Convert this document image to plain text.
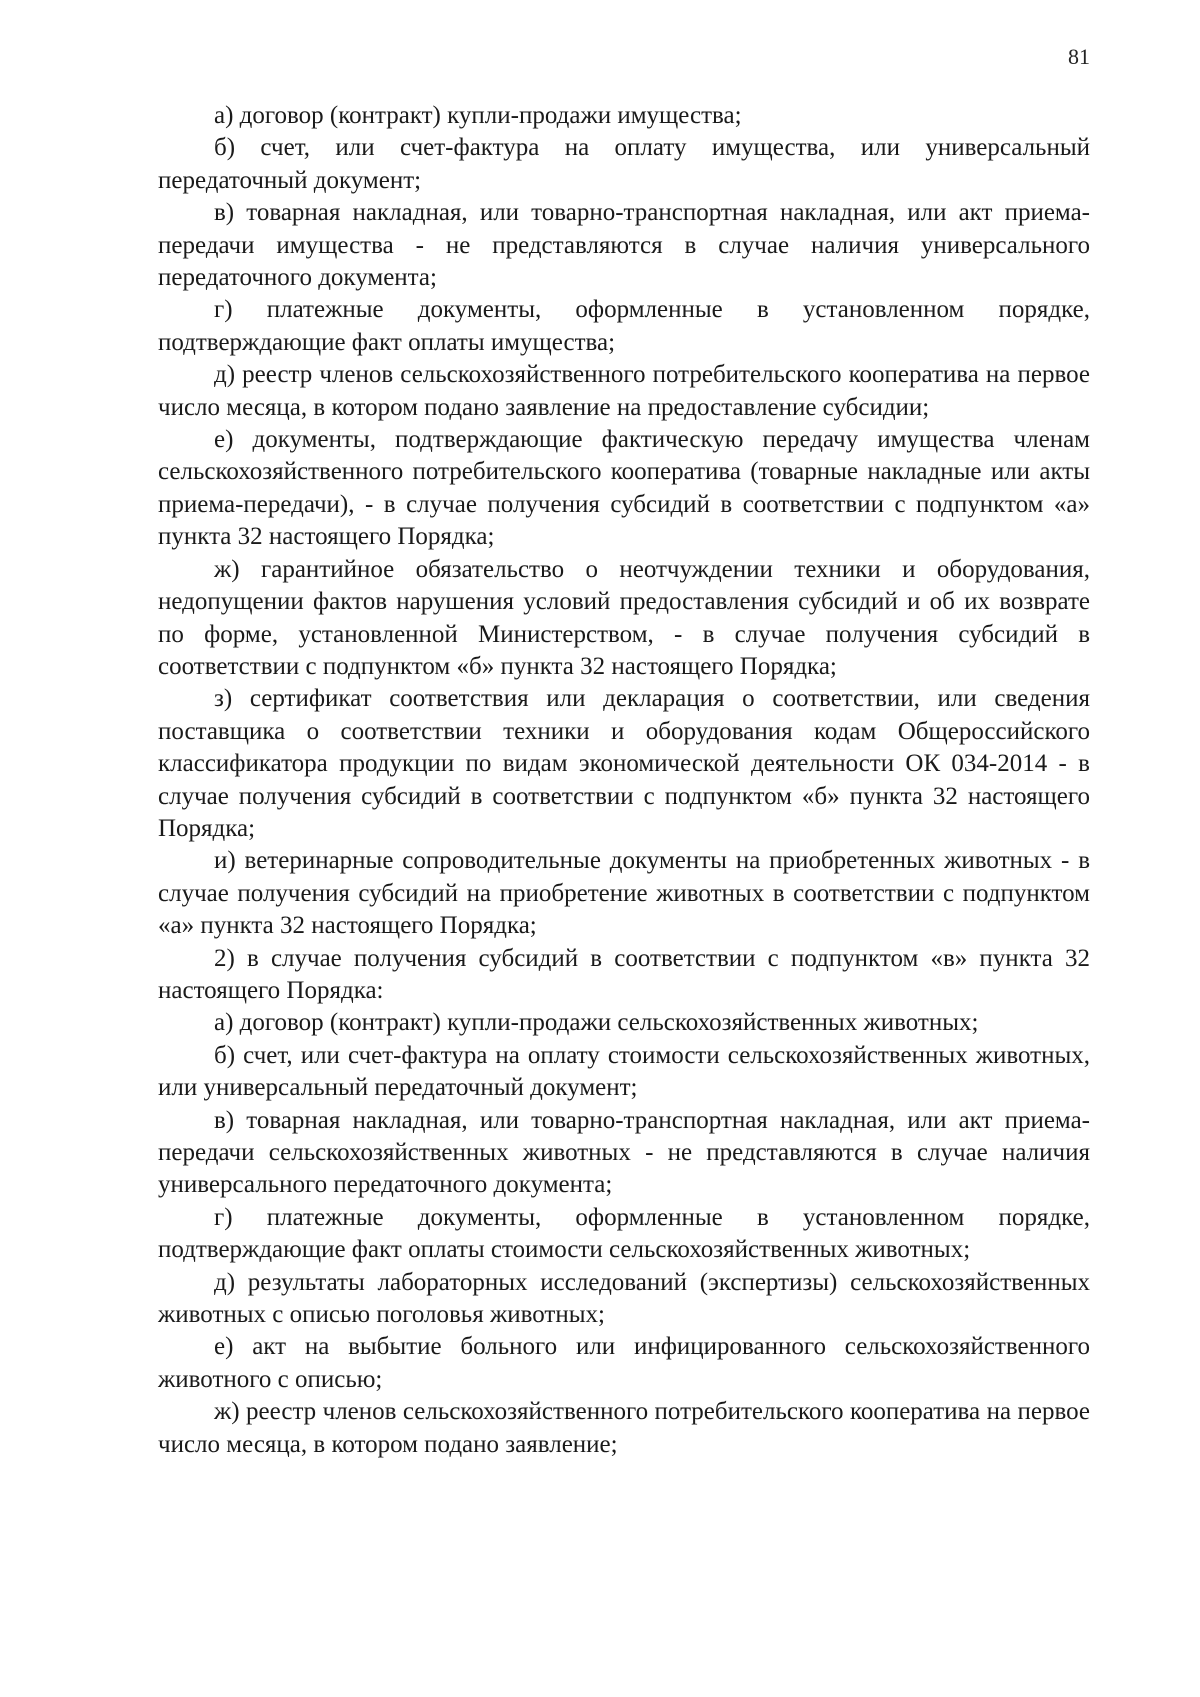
81

а) договор (контракт) купли-продажи имущества;

б) счет, или счет-фактура на оплату имущества, или универсальный передаточный документ;

в) товарная накладная, или товарно-транспортная накладная, или акт приема-передачи имущества - не представляются в случае наличия универсального передаточного документа;

г) платежные документы, оформленные в установленном порядке, подтверждающие факт оплаты имущества;

д) реестр членов сельскохозяйственного потребительского кооператива на первое число месяца, в котором подано заявление на предоставление субсидии;

е) документы, подтверждающие фактическую передачу имущества членам сельскохозяйственного потребительского кооператива (товарные накладные или акты приема-передачи), - в случае получения субсидий в соответствии с подпунктом «а» пункта 32 настоящего Порядка;

ж) гарантийное обязательство о неотчуждении техники и оборудования, недопущении фактов нарушения условий предоставления субсидий и об их возврате по форме, установленной Министерством, - в случае получения субсидий в соответствии с подпунктом «б» пункта 32 настоящего Порядка;

з) сертификат соответствия или декларация о соответствии, или сведения поставщика о соответствии техники и оборудования кодам Общероссийского классификатора продукции по видам экономической деятельности ОК 034-2014 - в случае получения субсидий в соответствии с подпунктом «б» пункта 32 настоящего Порядка;

и) ветеринарные сопроводительные документы на приобретенных животных - в случае получения субсидий на приобретение животных в соответствии с подпунктом «а» пункта 32 настоящего Порядка;

2) в случае получения субсидий в соответствии с подпунктом «в» пункта 32 настоящего Порядка:

а) договор (контракт) купли-продажи сельскохозяйственных животных;

б) счет, или счет-фактура на оплату стоимости сельскохозяйственных животных, или универсальный передаточный документ;

в) товарная накладная, или товарно-транспортная накладная, или акт приема-передачи сельскохозяйственных животных - не представляются в случае наличия универсального передаточного документа;

г) платежные документы, оформленные в установленном порядке, подтверждающие факт оплаты стоимости сельскохозяйственных животных;

д) результаты лабораторных исследований (экспертизы) сельскохозяйственных животных с описью поголовья животных;

е) акт на выбытие больного или инфицированного сельскохозяйственного животного с описью;

ж) реестр членов сельскохозяйственного потребительского кооператива на первое число месяца, в котором подано заявление;
